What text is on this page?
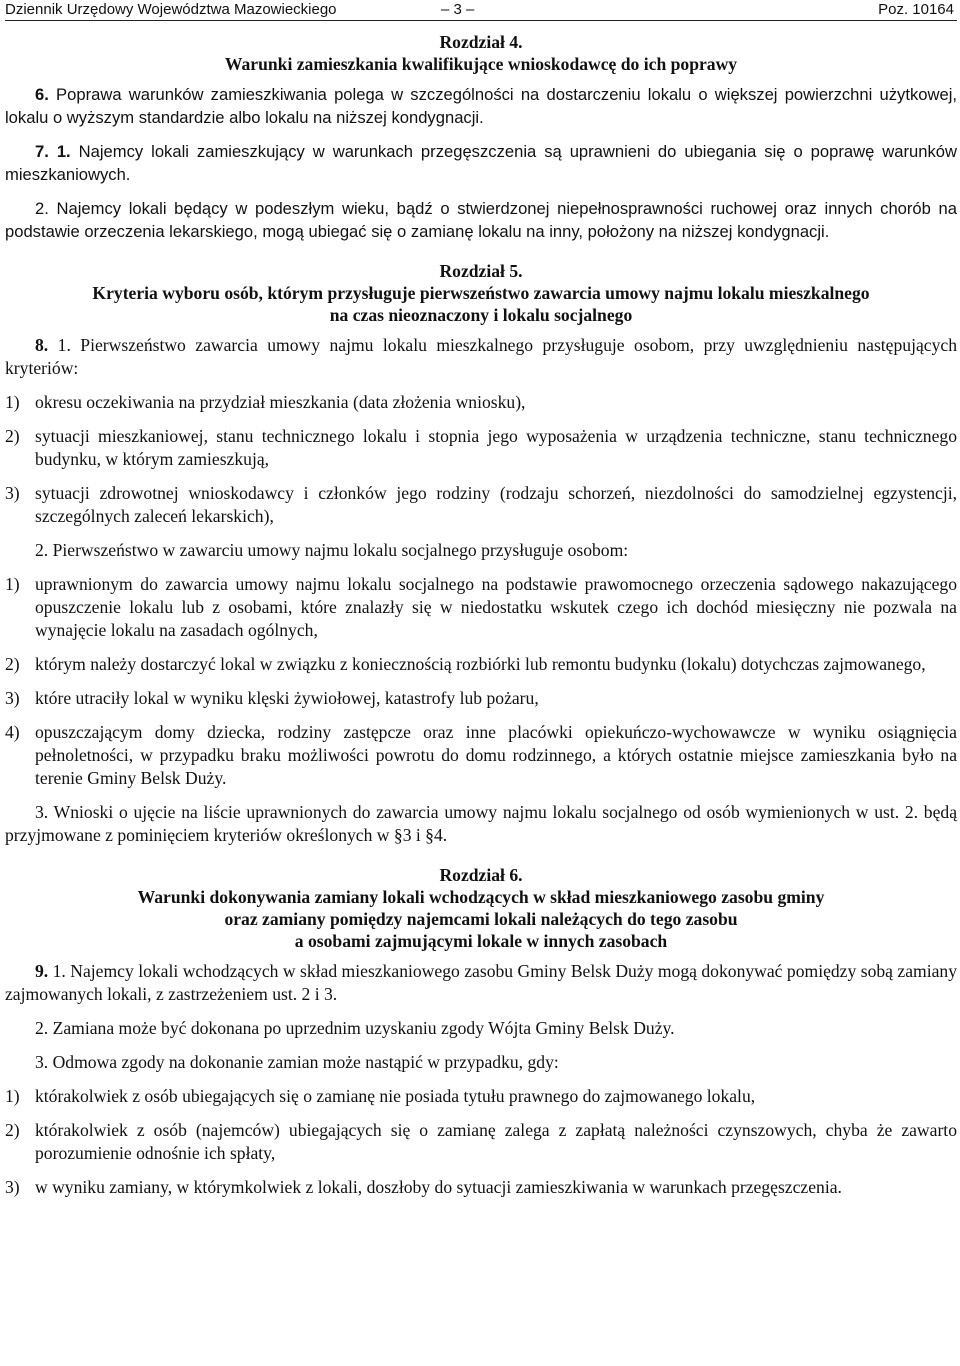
Dziennik Urzędowy Województwa Mazowieckiego	– 3 –	Poz. 10164
Rozdział 4.
Warunki zamieszkania kwalifikujące wnioskodawcę do ich poprawy

6. Poprawa warunków zamieszkiwania polega w szczególności na dostarczeniu lokalu o większej powierzchni użytkowej, lokalu o wyższym standardzie albo lokalu na niższej kondygnacji.

7. 1. Najemcy lokali zamieszkujący w warunkach przegęszczenia są uprawnieni do ubiegania się o poprawę warunków mieszkaniowych.

2. Najemcy lokali będący w podeszłym wieku, bądź o stwierdzonej niepełnosprawności ruchowej oraz innych chorób na podstawie orzeczenia lekarskiego, mogą ubiegać się o zamianę lokalu na inny, położony na niższej kondygnacji.

Rozdział 5.
Kryteria wyboru osób, którym przysługuje pierwszeństwo zawarcia umowy najmu lokalu mieszkalnego
na czas nieoznaczony i lokalu socjalnego

8. 1. Pierwszeństwo zawarcia umowy najmu lokalu mieszkalnego przysługuje osobom, przy uwzględnieniu następujących kryteriów:

1) okresu oczekiwania na przydział mieszkania (data złożenia wniosku),
2) sytuacji mieszkaniowej, stanu technicznego lokalu i stopnia jego wyposażenia w urządzenia techniczne, stanu technicznego budynku, w którym zamieszkują,
3) sytuacji zdrowotnej wnioskodawcy i członków jego rodziny (rodzaju schorzeń, niezdolności do samodzielnej egzystencji, szczególnych zaleceń lekarskich),

2. Pierwszeństwo w zawarciu umowy najmu lokalu socjalnego przysługuje osobom:

1) uprawnionym do zawarcia umowy najmu lokalu socjalnego na podstawie prawomocnego orzeczenia sądowego nakazującego opuszczenie lokalu lub z osobami, które znalazły się w niedostatku wskutek czego ich dochód miesięczny nie pozwala na wynajęcie lokalu na zasadach ogólnych,
2) którym należy dostarczyć lokal w związku z koniecznością rozbiórki lub remontu budynku (lokalu) dotychczas zajmowanego,
3) które utraciły lokal w wyniku klęski żywiołowej, katastrofy lub pożaru,
4) opuszczającym domy dziecka, rodziny zastępcze oraz inne placówki opiekuńczo-wychowawcze w wyniku osiągnięcia pełnoletności, w przypadku braku możliwości powrotu do domu rodzinnego, a których ostatnie miejsce zamieszkania było na terenie Gminy Belsk Duży.

3. Wnioski o ujęcie na liście uprawnionych do zawarcia umowy najmu lokalu socjalnego od osób wymienionych w ust. 2. będą przyjmowane z pominięciem kryteriów określonych w §3 i §4.

Rozdział 6.
Warunki dokonywania zamiany lokali wchodzących w skład mieszkaniowego zasobu gminy
oraz zamiany pomiędzy najemcami lokali należących do tego zasobu
a osobami zajmującymi lokale w innych zasobach

9. 1. Najemcy lokali wchodzących w skład mieszkaniowego zasobu Gminy Belsk Duży mogą dokonywać pomiędzy sobą zamiany zajmowanych lokali, z zastrzeżeniem ust. 2 i 3.

2. Zamiana może być dokonana po uprzednim uzyskaniu zgody Wójta Gminy Belsk Duży.

3. Odmowa zgody na dokonanie zamian może nastąpić w przypadku, gdy:

1) którakolwiek z osób ubiegających się o zamianę nie posiada tytułu prawnego do zajmowanego lokalu,
2) którakolwiek z osób (najemców) ubiegających się o zamianę zalega z zapłatą należności czynszowych, chyba że zawarto porozumienie odnośnie ich spłaty,
3) w wyniku zamiany, w którymkolwiek z lokali, doszłoby do sytuacji zamieszkiwania w warunkach przegęszczenia.
